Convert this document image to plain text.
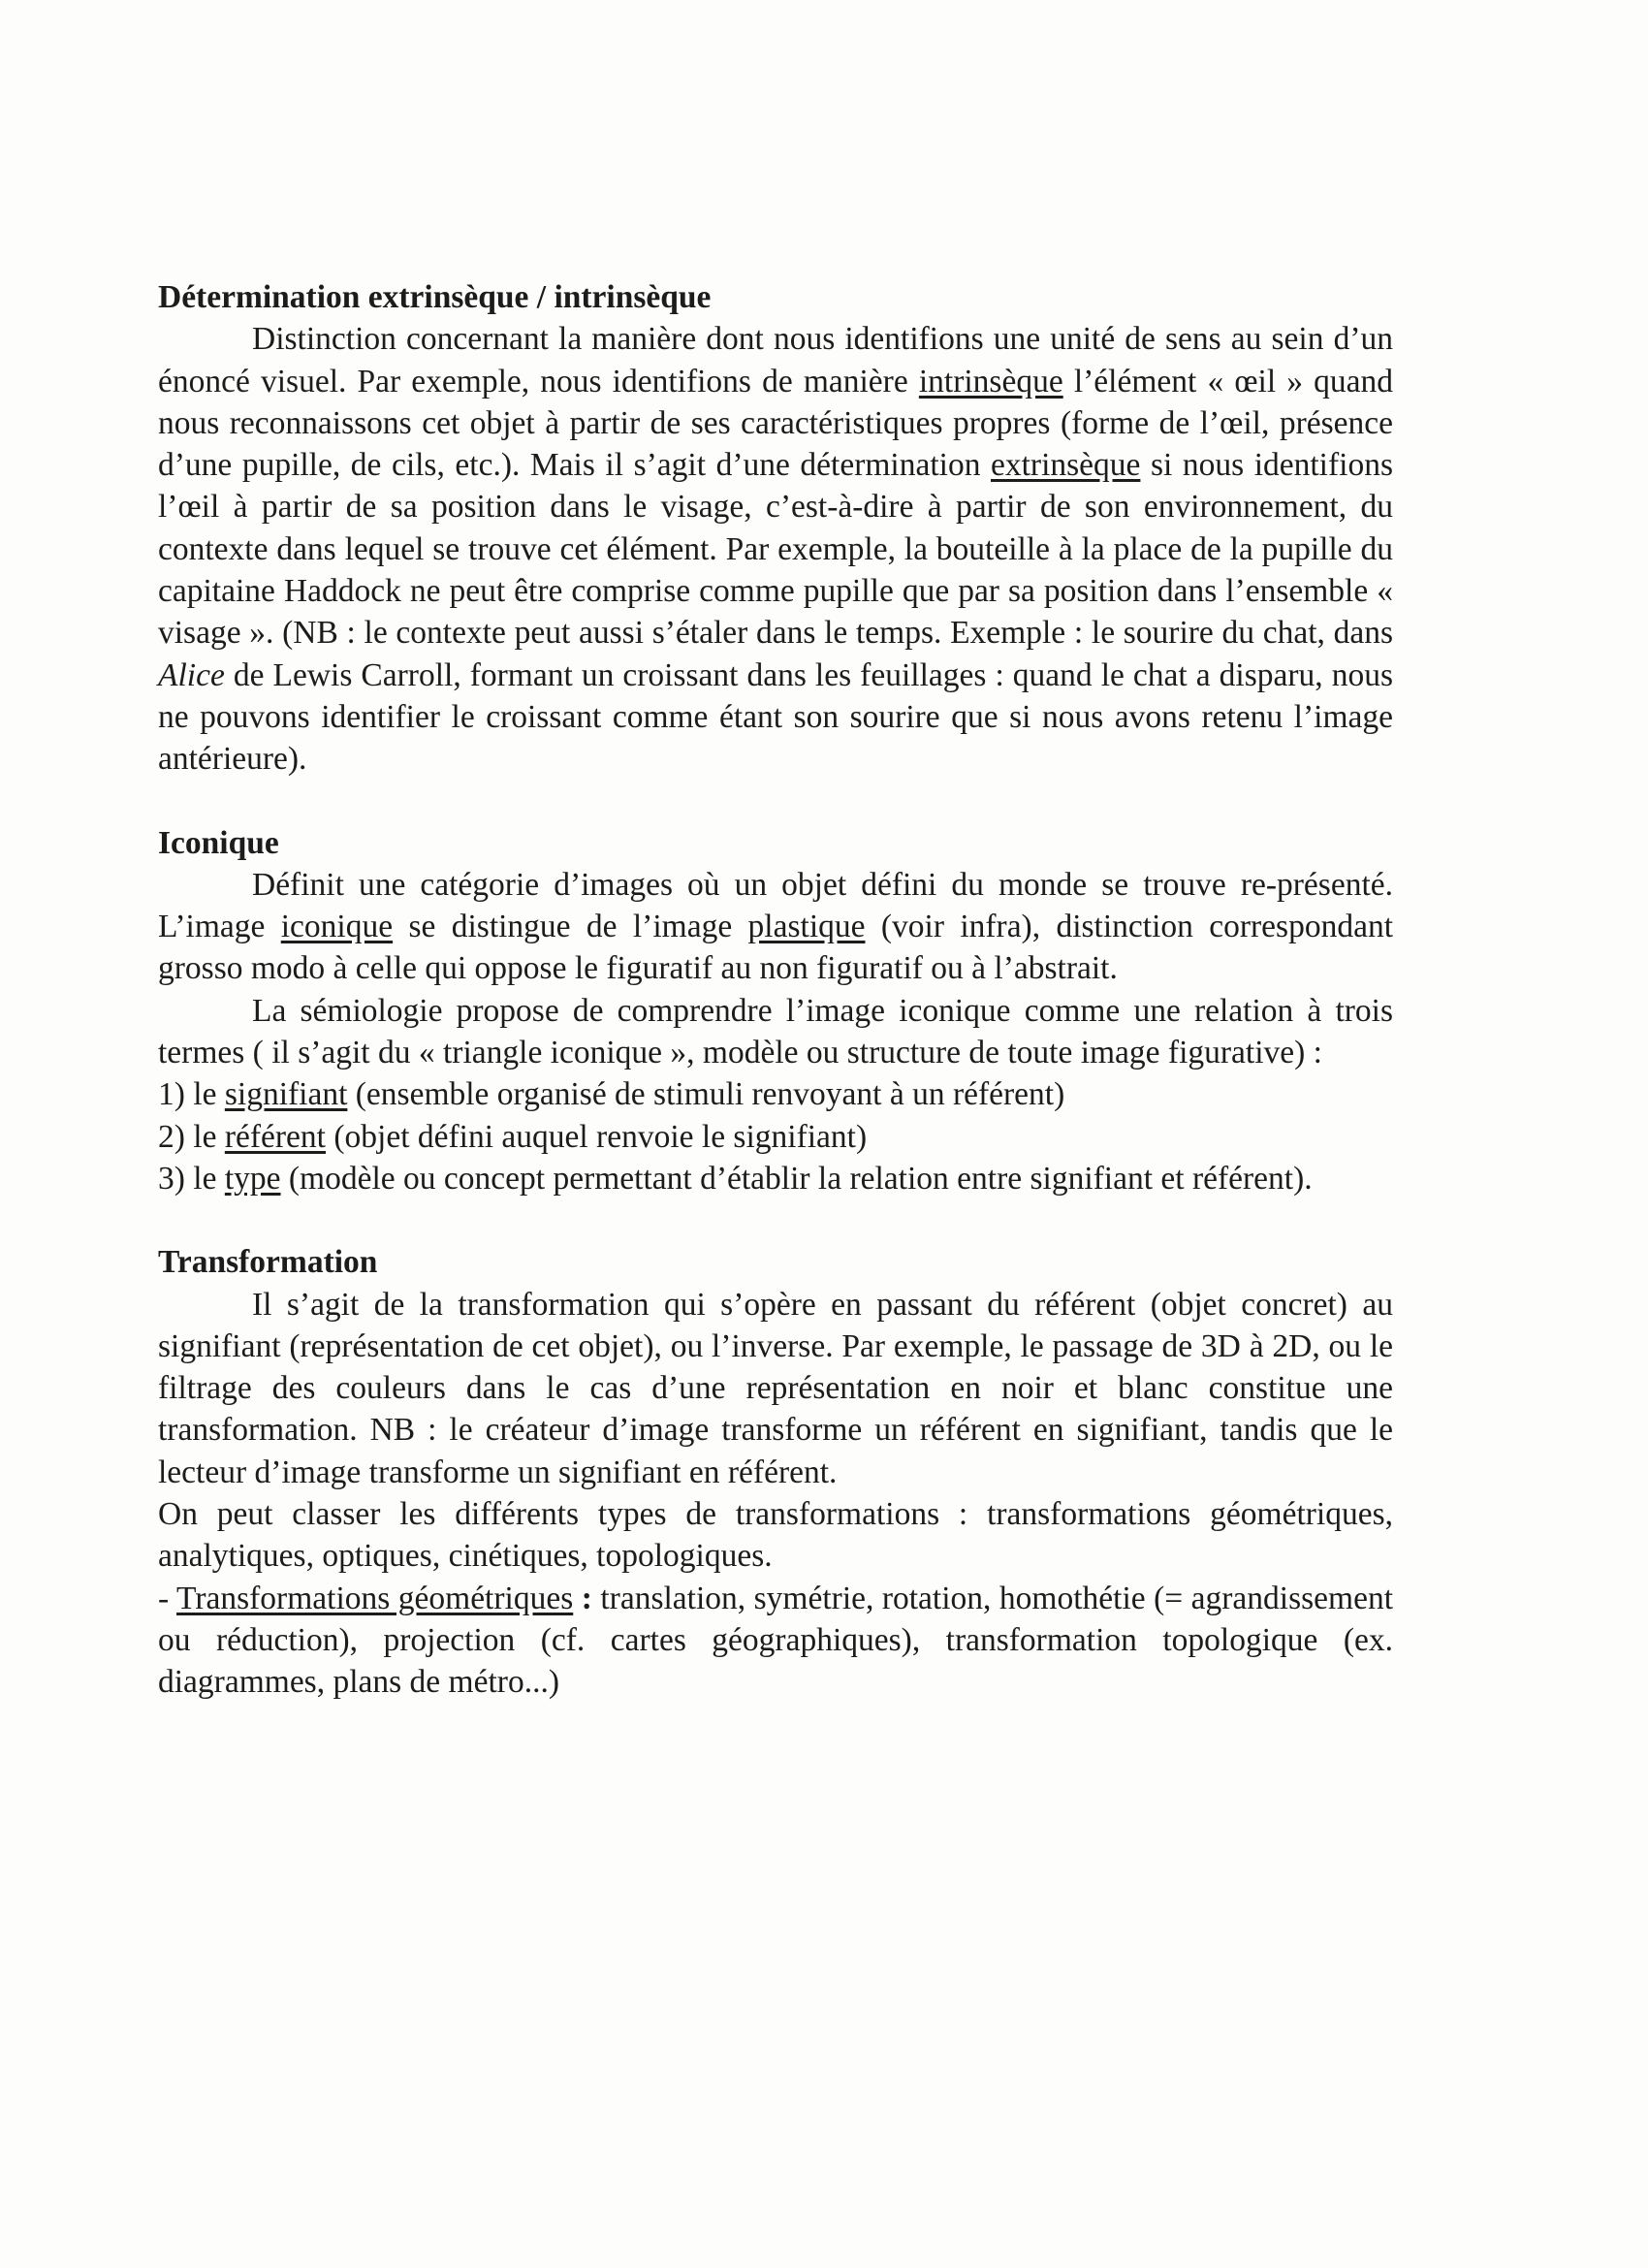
Détermination extrinsèque / intrinsèque

Distinction concernant la manière dont nous identifions une unité de sens au sein d’un énoncé visuel. Par exemple, nous identifions de manière intrinsèque l’élément « œil » quand nous reconnaissons cet objet à partir de ses caractéristiques propres (forme de l’œil, présence d’une pupille, de cils, etc.). Mais il s’agit d’une détermination extrinsèque si nous identifions l’œil à partir de sa position dans le visage, c’est-à-dire à partir de son environnement, du contexte dans lequel se trouve cet élément. Par exemple, la bouteille à la place de la pupille du capitaine Haddock ne peut être comprise comme pupille que par sa position dans l’ensemble « visage ». (NB : le contexte peut aussi s’étaler dans le temps. Exemple : le sourire du chat, dans Alice de Lewis Carroll, formant un croissant dans les feuillages : quand le chat a disparu, nous ne pouvons identifier le croissant comme étant son sourire que si nous avons retenu l’image antérieure).

Iconique

Définit une catégorie d’images où un objet défini du monde se trouve re-présenté. L’image iconique se distingue de l’image plastique (voir infra), distinction correspondant grosso modo à celle qui oppose le figuratif au non figuratif ou à l’abstrait.

La sémiologie propose de comprendre l’image iconique comme une relation à trois termes ( il s’agit du « triangle iconique », modèle ou structure de toute image figurative) :

1) le signifiant (ensemble organisé de stimuli renvoyant à un référent)

2) le référent (objet défini auquel renvoie le signifiant)

3) le type (modèle ou concept permettant d’établir la relation entre signifiant et référent).

Transformation

Il s’agit de la transformation qui s’opère en passant du référent (objet concret) au signifiant (représentation de cet objet), ou l’inverse. Par exemple, le passage de 3D à 2D, ou le filtrage des couleurs dans le cas d’une représentation en noir et blanc constitue une transformation. NB : le créateur d’image transforme un référent en signifiant, tandis que le lecteur d’image transforme un signifiant en référent.

On peut classer les différents types de transformations : transformations géométriques, analytiques, optiques, cinétiques, topologiques.

- Transformations géométriques : translation, symétrie, rotation, homothétie (= agrandissement ou réduction), projection (cf. cartes géographiques), transformation topologique (ex. diagrammes, plans de métro...)
